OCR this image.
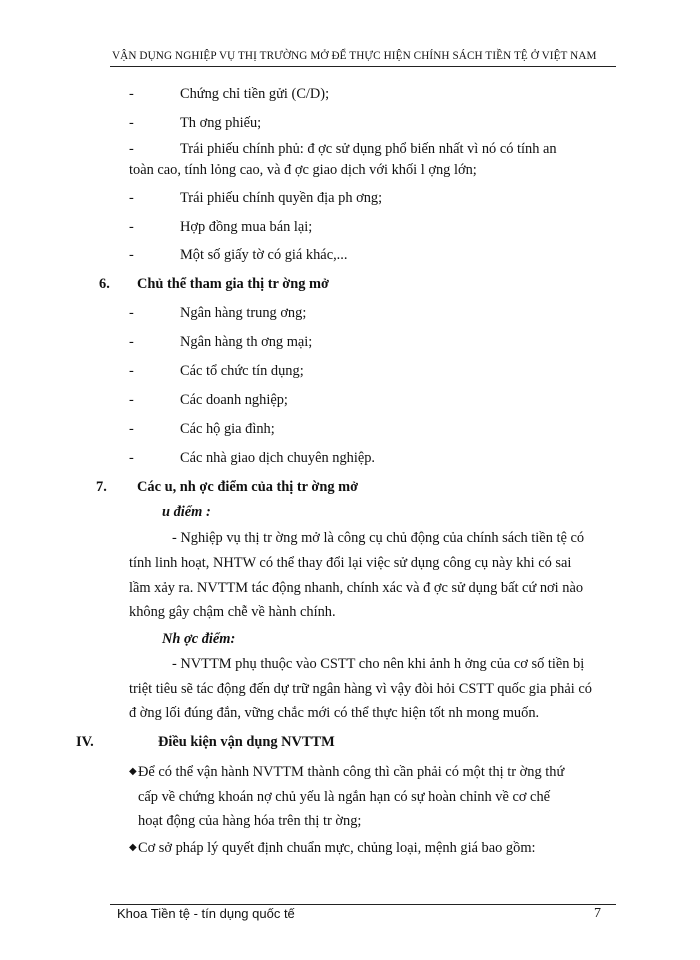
VẬN DỤNG NGHIỆP VỤ THỊ TRƯỜNG MỞ ĐỂ THỰC HIỆN CHÍNH SÁCH TIỀN TỆ Ở VIỆT NAM
-	Chứng chỉ tiền gửi (C/D);
-	Th ơng phiếu;
-	Trái phiếu chính phủ: đ ợc sử dụng phổ biến nhất vì nó có tính an
toàn cao, tính lỏng cao, và đ ợc giao dịch với khối l ợng lớn;
-	Trái phiếu chính quyền địa ph ơng;
-	Hợp đồng mua bán lại;
-	Một số giấy tờ có giá khác,...
6. Chủ thể tham gia thị tr ờng mở
-	Ngân hàng trung ơng;
-	Ngân hàng th ơng mại;
-	Các tổ chức tín dụng;
-	Các doanh nghiệp;
-	Các hộ gia đình;
-	Các nhà giao dịch chuyên nghiệp.
7. Các u, nh ợc điểm của thị tr ờng mở
u điểm :
- Nghiệp vụ thị tr ờng mở là công cụ chủ động của chính sách tiền tệ có
tính linh hoạt, NHTW có thể thay đổi lại việc sử dụng công cụ này khi có sai
lầm xảy ra. NVTTM tác động nhanh, chính xác và đ ợc sử dụng bất cứ nơi nào
không gây chậm chễ về hành chính.
Nh ợc điểm:
- NVTTM phụ thuộc vào CSTT cho nên khi ảnh h ởng của cơ số tiền bị
triệt tiêu sẽ tác động đến dự trữ ngân hàng vì vậy đòi hỏi CSTT quốc gia phải có
đ ờng lối đúng đắn, vững chắc mới có thể thực hiện tốt nh mong muốn.
IV.	Điều kiện vận dụng NVTTM
◆ Để có thể vận hành NVTTM thành công thì cần phải có một thị tr ờng thứ
cấp về chứng khoán nợ chủ yếu là ngắn hạn có sự hoàn chỉnh về cơ chế
hoạt động của hàng hóa trên thị tr ờng;
◆ Cơ sở pháp lý quyết định chuẩn mực, chủng loại, mệnh giá bao gồm:
Khoa Tiền tệ - tín dụng quốc tế	7
